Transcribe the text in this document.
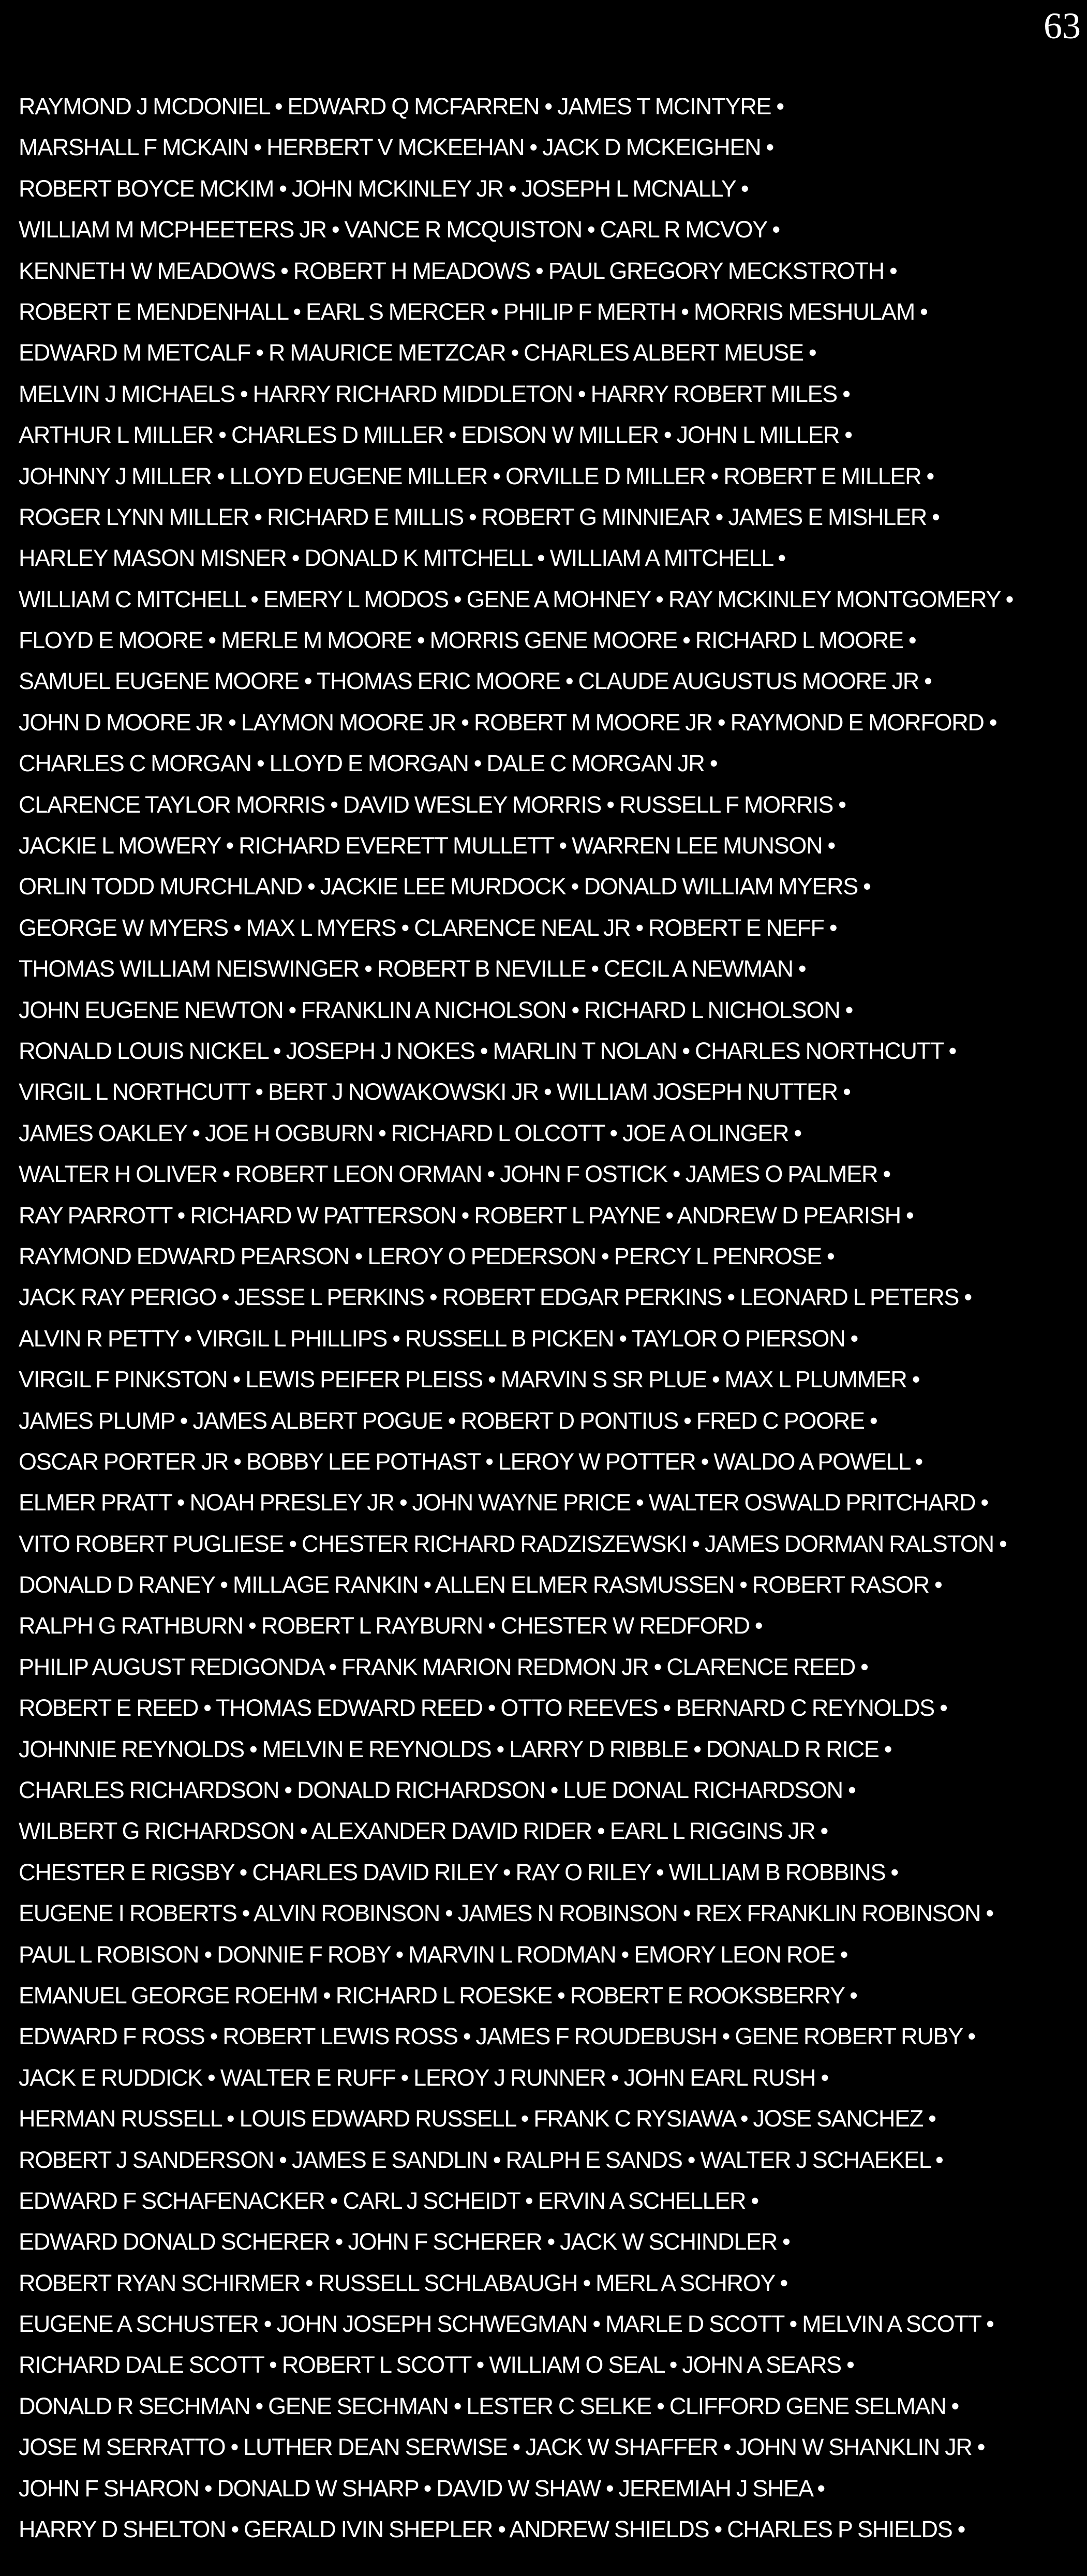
63
RAYMOND J MCDONIEL • EDWARD Q MCFARREN • JAMES T MCINTYRE •
MARSHALL F MCKAIN • HERBERT V MCKEEHAN • JACK D MCKEIGHEN •
ROBERT BOYCE MCKIM • JOHN MCKINLEY JR • JOSEPH L MCNALLY •
WILLIAM M MCPHEETERS JR • VANCE R MCQUISTON • CARL R MCVOY •
KENNETH W MEADOWS • ROBERT H MEADOWS • PAUL GREGORY MECKSTROTH •
ROBERT E MENDENHALL • EARL S MERCER • PHILIP F MERTH • MORRIS MESHULAM •
EDWARD M METCALF • R MAURICE METZCAR • CHARLES ALBERT MEUSE •
MELVIN J MICHAELS • HARRY RICHARD MIDDLETON • HARRY ROBERT MILES •
ARTHUR L MILLER • CHARLES D MILLER • EDISON W MILLER • JOHN L MILLER •
JOHNNY J MILLER • LLOYD EUGENE MILLER • ORVILLE D MILLER • ROBERT E MILLER •
ROGER LYNN MILLER • RICHARD E MILLIS • ROBERT G MINNIEAR • JAMES E MISHLER •
HARLEY MASON MISNER • DONALD K MITCHELL • WILLIAM A MITCHELL •
WILLIAM C MITCHELL • EMERY L MODOS • GENE A MOHNEY • RAY MCKINLEY MONTGOMERY •
FLOYD E MOORE • MERLE M MOORE • MORRIS GENE MOORE • RICHARD L MOORE •
SAMUEL EUGENE MOORE • THOMAS ERIC MOORE • CLAUDE AUGUSTUS MOORE JR •
JOHN D MOORE JR • LAYMON MOORE JR • ROBERT M MOORE JR • RAYMOND E MORFORD •
CHARLES C MORGAN • LLOYD E MORGAN • DALE C MORGAN JR •
CLARENCE TAYLOR MORRIS • DAVID WESLEY MORRIS • RUSSELL F MORRIS •
JACKIE L MOWERY • RICHARD EVERETT MULLETT • WARREN LEE MUNSON •
ORLIN TODD MURCHLAND • JACKIE LEE MURDOCK • DONALD WILLIAM MYERS •
GEORGE W MYERS • MAX L MYERS • CLARENCE NEAL JR • ROBERT E NEFF •
THOMAS WILLIAM NEISWINGER • ROBERT B NEVILLE • CECIL A NEWMAN •
JOHN EUGENE NEWTON • FRANKLIN A NICHOLSON • RICHARD L NICHOLSON •
RONALD LOUIS NICKEL • JOSEPH J NOKES • MARLIN T NOLAN • CHARLES NORTHCUTT •
VIRGIL L NORTHCUTT • BERT J NOWAKOWSKI JR • WILLIAM JOSEPH NUTTER •
JAMES OAKLEY • JOE H OGBURN • RICHARD L OLCOTT • JOE A OLINGER •
WALTER H OLIVER • ROBERT LEON ORMAN • JOHN F OSTICK • JAMES O PALMER •
RAY PARROTT • RICHARD W PATTERSON • ROBERT L PAYNE • ANDREW D PEARISH •
RAYMOND EDWARD PEARSON • LEROY O PEDERSON • PERCY L PENROSE •
JACK RAY PERIGO • JESSE L PERKINS • ROBERT EDGAR PERKINS • LEONARD L PETERS •
ALVIN R PETTY • VIRGIL L PHILLIPS • RUSSELL B PICKEN • TAYLOR O PIERSON •
VIRGIL F PINKSTON • LEWIS PEIFER PLEISS • MARVIN S SR PLUE • MAX L PLUMMER •
JAMES PLUMP • JAMES ALBERT POGUE • ROBERT D PONTIUS • FRED C POORE •
OSCAR PORTER JR • BOBBY LEE POTHAST • LEROY W POTTER • WALDO A POWELL •
ELMER PRATT • NOAH PRESLEY JR • JOHN WAYNE PRICE • WALTER OSWALD PRITCHARD •
VITO ROBERT PUGLIESE • CHESTER RICHARD RADZISZEWSKI • JAMES DORMAN RALSTON •
DONALD D RANEY • MILLAGE RANKIN • ALLEN ELMER RASMUSSEN • ROBERT RASOR •
RALPH G RATHBURN • ROBERT L RAYBURN • CHESTER W REDFORD •
PHILIP AUGUST REDIGONDA • FRANK MARION REDMON JR • CLARENCE REED •
ROBERT E REED • THOMAS EDWARD REED • OTTO REEVES • BERNARD C REYNOLDS •
JOHNNIE REYNOLDS • MELVIN E REYNOLDS • LARRY D RIBBLE • DONALD R RICE •
CHARLES RICHARDSON • DONALD RICHARDSON • LUE DONAL RICHARDSON •
WILBERT G RICHARDSON • ALEXANDER DAVID RIDER • EARL L RIGGINS JR •
CHESTER E RIGSBY • CHARLES DAVID RILEY • RAY O RILEY • WILLIAM B ROBBINS •
EUGENE I ROBERTS • ALVIN ROBINSON • JAMES N ROBINSON • REX FRANKLIN ROBINSON •
PAUL L ROBISON • DONNIE F ROBY • MARVIN L RODMAN • EMORY LEON ROE •
EMANUEL GEORGE ROEHM • RICHARD L ROESKE • ROBERT E ROOKSBERRY •
EDWARD F ROSS • ROBERT LEWIS ROSS • JAMES F ROUDEBUSH • GENE ROBERT RUBY •
JACK E RUDDICK • WALTER E RUFF • LEROY J RUNNER • JOHN EARL RUSH •
HERMAN RUSSELL • LOUIS EDWARD RUSSELL • FRANK C RYSIAWA • JOSE SANCHEZ •
ROBERT J SANDERSON • JAMES E SANDLIN • RALPH E SANDS • WALTER J SCHAEKEL •
EDWARD F SCHAFENACKER • CARL J SCHEIDT • ERVIN A SCHELLER •
EDWARD DONALD SCHERER • JOHN F SCHERER • JACK W SCHINDLER •
ROBERT RYAN SCHIRMER • RUSSELL SCHLABAUGH • MERL A SCHROY •
EUGENE A SCHUSTER • JOHN JOSEPH SCHWEGMAN • MARLE D SCOTT • MELVIN A SCOTT •
RICHARD DALE SCOTT • ROBERT L SCOTT • WILLIAM O SEAL • JOHN A SEARS •
DONALD R SECHMAN • GENE SECHMAN • LESTER C SELKE • CLIFFORD GENE SELMAN •
JOSE M SERRATTO • LUTHER DEAN SERWISE • JACK W SHAFFER • JOHN W SHANKLIN JR •
JOHN F SHARON • DONALD W SHARP • DAVID W SHAW • JEREMIAH J SHEA •
HARRY D SHELTON • GERALD IVIN SHEPLER • ANDREW SHIELDS • CHARLES P SHIELDS •
